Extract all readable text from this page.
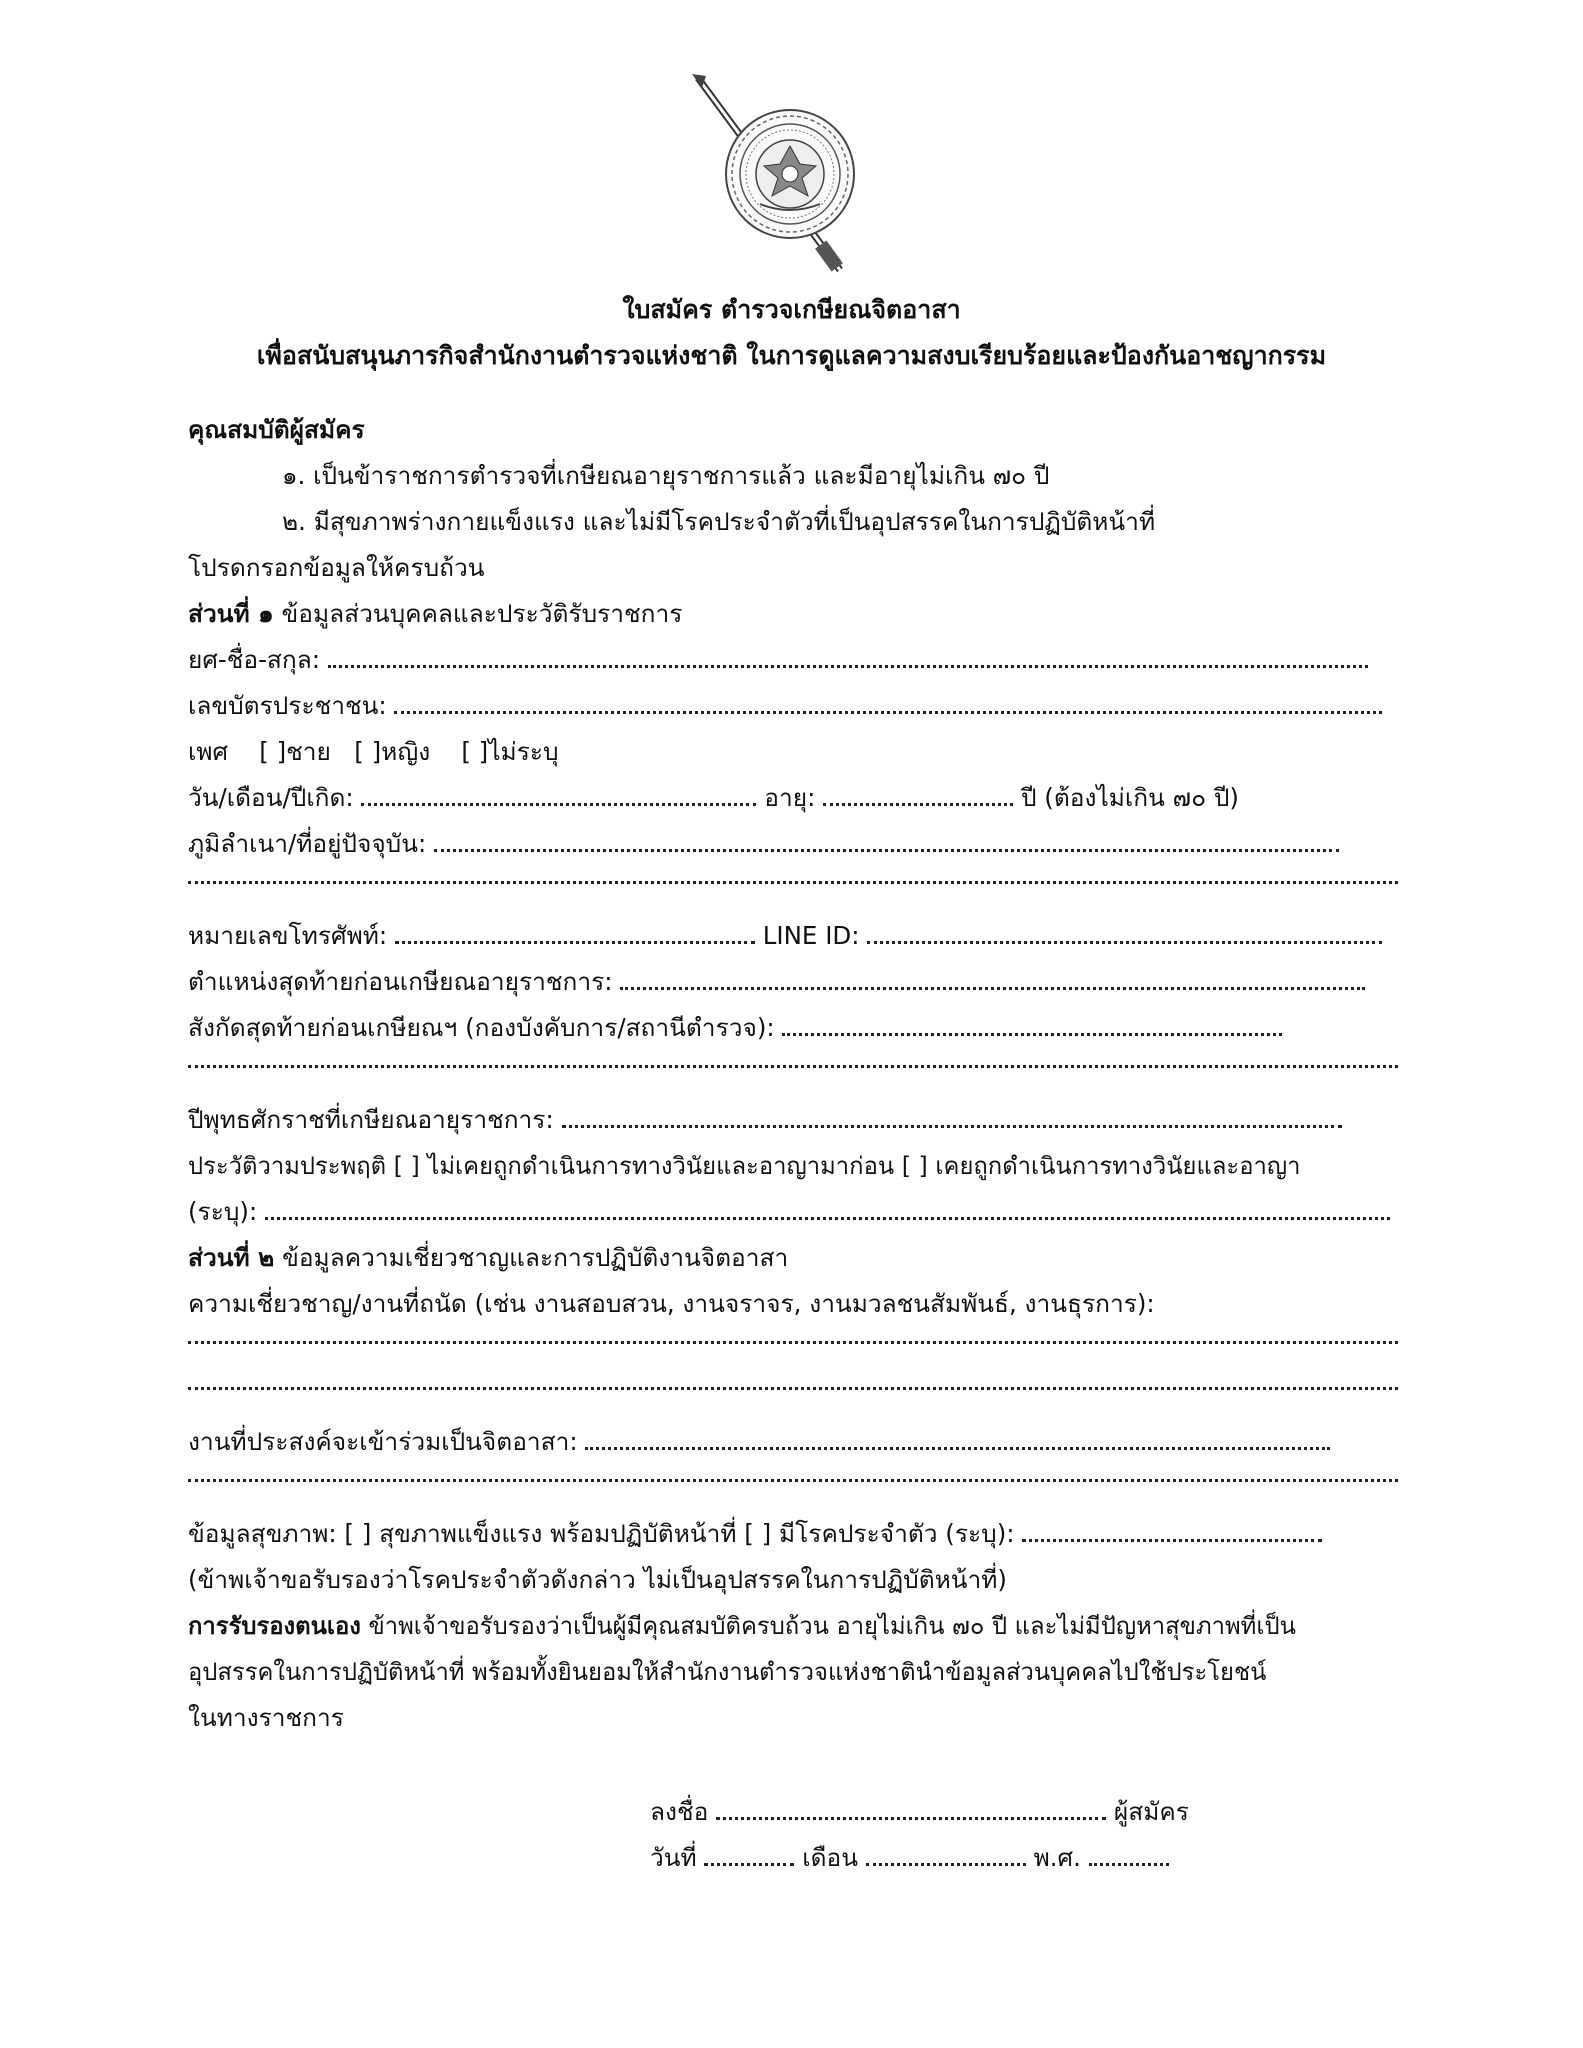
ใบสมัคร ตำรวจเกษียณจิตอาสา
เพื่อสนับสนุนภารกิจสำนักงานตำรวจแห่งชาติ ในการดูแลความสงบเรียบร้อยและป้องกันอาชญากรรม
คุณสมบัติผู้สมัคร
๑. เป็นข้าราชการตำรวจที่เกษียณอายุราชการแล้ว และมีอายุไม่เกิน ๗๐ ปี
๒. มีสุขภาพร่างกายแข็งแรง และไม่มีโรคประจำตัวที่เป็นอุปสรรคในการปฏิบัติหน้าที่
โปรดกรอกข้อมูลให้ครบถ้วน
ส่วนที่ ๑ ข้อมูลส่วนบุคคลและประวัติรับราชการ
ยศ-ชื่อ-สกุล:
เลขบัตรประชาชน:
เพศ [ ]ชาย [ ]หญิง [ ]ไม่ระบุ
วัน/เดือน/ปีเกิด:	อายุ:	ปี (ต้องไม่เกิน ๗๐ ปี)
ภูมิลำเนา/ที่อยู่ปัจจุบัน:
หมายเลขโทรศัพท์:	LINE ID:
ตำแหน่งสุดท้ายก่อนเกษียณอายุราชการ:
สังกัดสุดท้ายก่อนเกษียณฯ (กองบังคับการ/สถานีตำรวจ):
ปีพุทธศักราชที่เกษียณอายุราชการ:
ประวัติวามประพฤติ [ ] ไม่เคยถูกดำเนินการทางวินัยและอาญามาก่อน [ ] เคยถูกดำเนินการทางวินัยและอาญา
(ระบุ):
ส่วนที่ ๒ ข้อมูลความเชี่ยวชาญและการปฏิบัติงานจิตอาสา
ความเชี่ยวชาญ/งานที่ถนัด (เช่น งานสอบสวน, งานจราจร, งานมวลชนสัมพันธ์, งานธุรการ):
งานที่ประสงค์จะเข้าร่วมเป็นจิตอาสา:
ข้อมูลสุขภาพ: [ ] สุขภาพแข็งแรง พร้อมปฏิบัติหน้าที่ [ ] มีโรคประจำตัว (ระบุ):
(ข้าพเจ้าขอรับรองว่าโรคประจำตัวดังกล่าว ไม่เป็นอุปสรรคในการปฏิบัติหน้าที่)
การรับรองตนเอง ข้าพเจ้าขอรับรองว่าเป็นผู้มีคุณสมบัติครบถ้วน อายุไม่เกิน ๗๐ ปี และไม่มีปัญหาสุขภาพที่เป็น
อุปสรรคในการปฏิบัติหน้าที่ พร้อมทั้งยินยอมให้สำนักงานตำรวจแห่งชาตินำข้อมูลส่วนบุคคลไปใช้ประโยชน์
ในทางราชการ
ลงชื่อ	ผู้สมัคร
วันที่	เดือน	พ.ศ.
